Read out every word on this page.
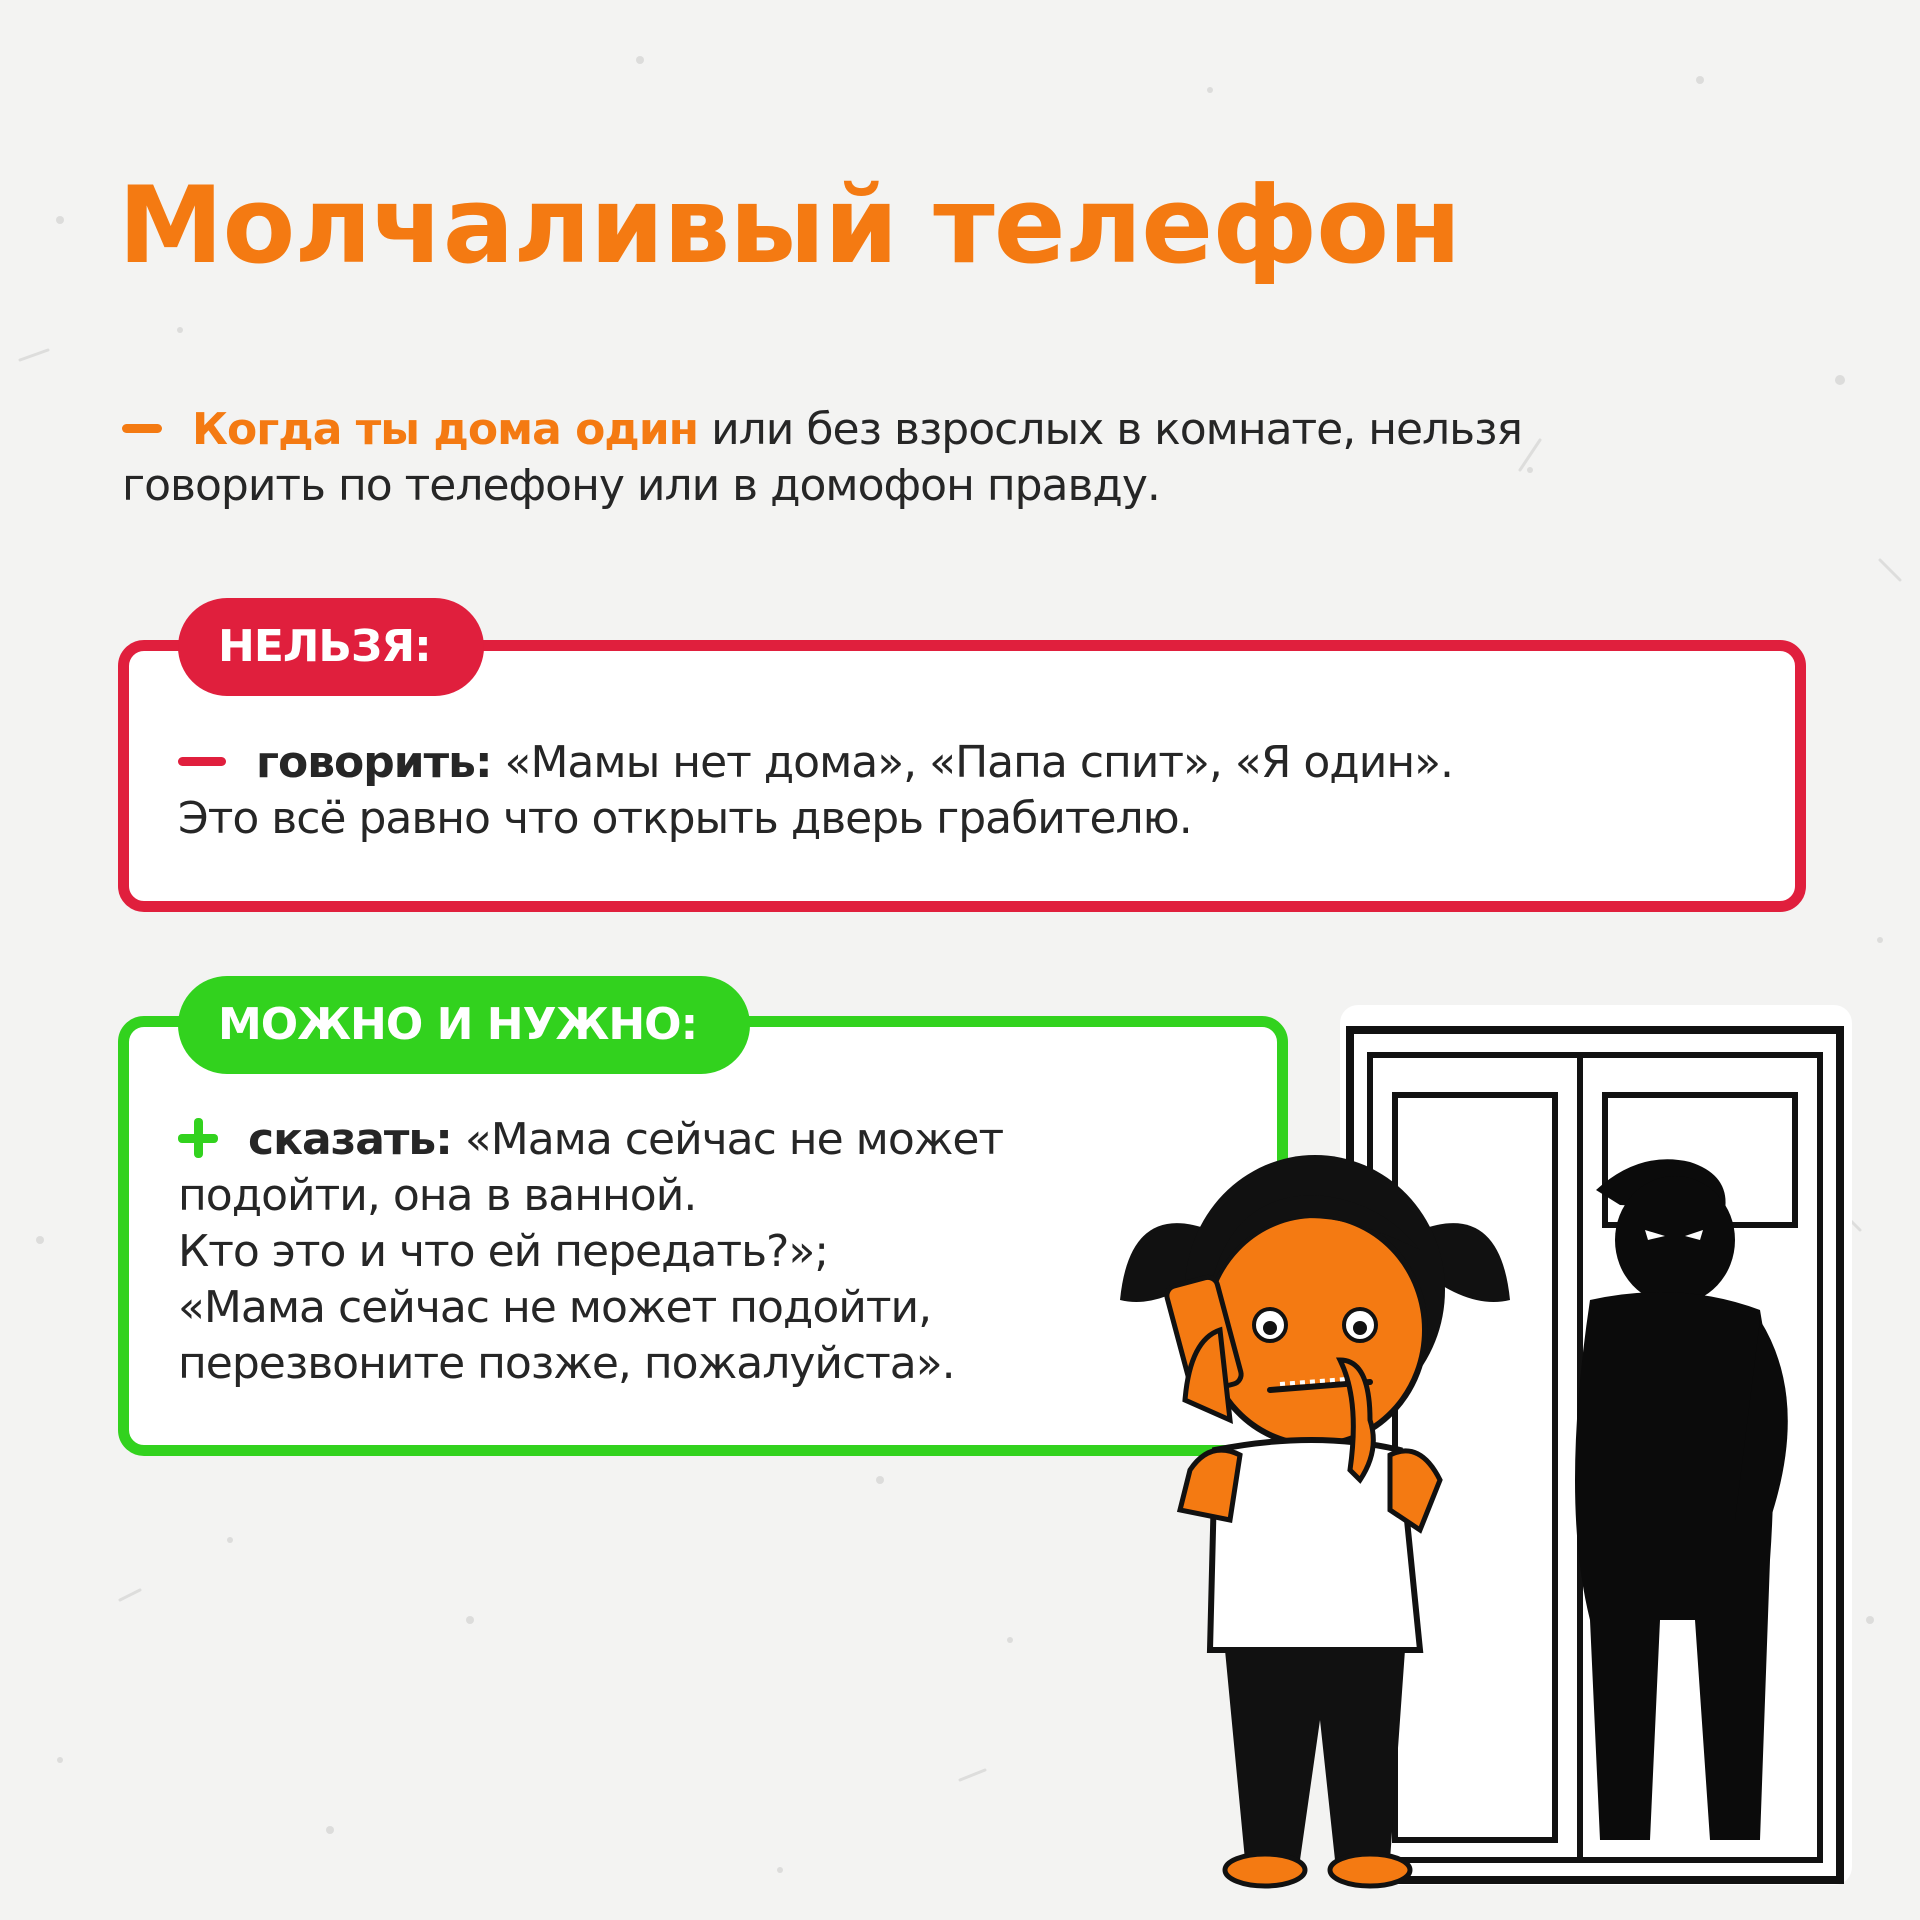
Молчаливый телефон
Когда ты дома один или без взрослых в комнате, нельзя говорить по телефону или в домофон правду.
НЕЛЬЗЯ:
говорить: «Мамы нет дома», «Папа спит», «Я один».
Это всё равно что открыть дверь грабителю.
МОЖНО И НУЖНО:
сказать: «Мама сейчас не может
подойти, она в ванной.
Кто это и что ей передать?»;
«Мама сейчас не может подойти,
перезвоните позже, пожалуйста».
